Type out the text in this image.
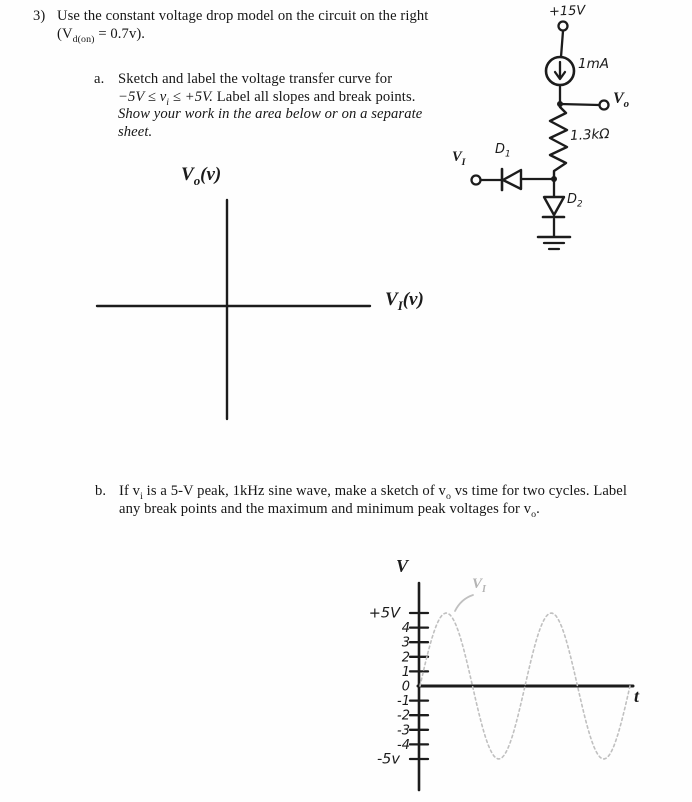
3) Use the constant voltage drop model on the circuit on the right
$(V_{d(on)} = 0.7v)$.
a. Sketch and label the voltage transfer curve for
$-5V \le v_i \le +5V$. Label all slopes and break points.
Show your work in the area below or on a separate
sheet.
b. If $v_i$ is a 5-V peak, 1kHz sine wave, make a sketch of $v_o$ vs time for two cycles. Label
any break points and the maximum and minimum peak voltages for $v_o$.
+5V
4
3
2
1
0
-1
-2
-3
-4
-5v
+15V
1mA
$V_o$
1.3kΩ
$D_1$
$V_I$
$D_2$
$V_o(v)$
$V_I(v)$
V
t
$V_I$
